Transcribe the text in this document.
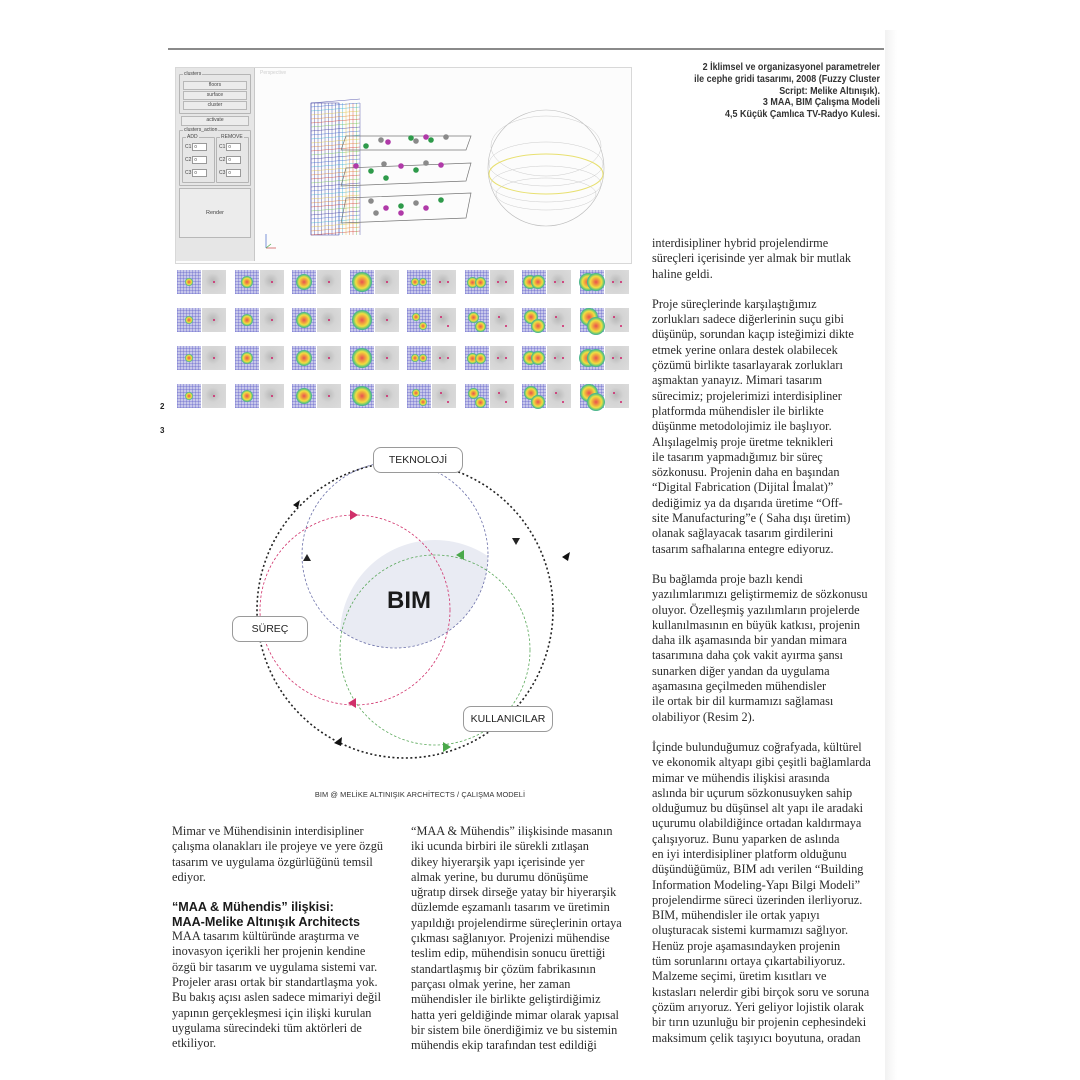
2 İklimsel ve organizasyonel parametreler
ile cephe gridi tasarımı, 2008 (Fuzzy Cluster
Script: Melike Altınışık).
3 MAA, BIM Çalışma Modeli
4,5 Küçük Çamlıca TV-Radyo Kulesi.
clusters
floors
surface
cluster
activate
clusters_action
ADD
C1 0
C2 0
C3 0
REMOVE
C1 0
C2 0
C3 0
Render
Perspective
2
3
TEKNOLOJİ
SÜREÇ
KULLANICILAR
BIM
BIM @ MELİKE ALTINIŞIK ARCHİTECTS / ÇALIŞMA MODELİ

Mimar ve Mühendisinin interdisipliner
çalışma olanakları ile projeye ve yere özgü
tasarım ve uygulama özgürlüğünü temsil
ediyor.

“MAA & Mühendis” ilişkisi:
MAA-Melike Altınışık Architects

MAA tasarım kültüründe araştırma ve
inovasyon içerikli her projenin kendine
özgü bir tasarım ve uygulama sistemi var.
Projeler arası ortak bir standartlaşma yok.
Bu bakış açısı aslen sadece mimariyi değil
yapının gerçekleşmesi için ilişki kurulan
uygulama sürecindeki tüm aktörleri de
etkiliyor.

“MAA & Mühendis” ilişkisinde masanın
iki ucunda birbiri ile sürekli zıtlaşan
dikey hiyerarşik yapı içerisinde yer
almak yerine, bu durumu dönüşüme
uğratıp dirsek dirseğe yatay bir hiyerarşik
düzlemde eşzamanlı tasarım ve üretimin
yapıldığı projelendirme süreçlerinin ortaya
çıkması sağlanıyor. Projenizi mühendise
teslim edip, mühendisin sonucu ürettiği
standartlaşmış bir çözüm fabrikasının
parçası olmak yerine, her zaman
mühendisler ile birlikte geliştirdiğimiz
hatta yeri geldiğinde mimar olarak yapısal
bir sistem bile önerdiğimiz ve bu sistemin
mühendis ekip tarafından test edildiği

interdisipliner hybrid projelendirme
süreçleri içerisinde yer almak bir mutlak
haline geldi.

Proje süreçlerinde karşılaştığımız
zorlukları sadece diğerlerinin suçu gibi
düşünüp, sorundan kaçıp isteğimizi dikte
etmek yerine onlara destek olabilecek
çözümü birlikte tasarlayarak zorlukları
aşmaktan yanayız. Mimari tasarım
sürecimiz; projelerimizi interdisipliner
platformda mühendisler ile birlikte
düşünme metodolojimiz ile başlıyor.
Alışılagelmiş proje üretme teknikleri
ile tasarım yapmadığımız bir süreç
sözkonusu. Projenin daha en başından
“Digital Fabrication (Dijital İmalat)”
dediğimiz ya da dışarıda üretime “Off-
site Manufacturing”e ( Saha dışı üretim)
olanak sağlayacak tasarım girdilerini
tasarım safhalarına entegre ediyoruz.

Bu bağlamda proje bazlı kendi
yazılımlarımızı geliştirmemiz de sözkonusu
oluyor. Özelleşmiş yazılımların projelerde
kullanılmasının en büyük katkısı, projenin
daha ilk aşamasında bir yandan mimara
tasarımına daha çok vakit ayırma şansı
sunarken diğer yandan da uygulama
aşamasına geçilmeden mühendisler
ile ortak bir dil kurmamızı sağlaması
olabiliyor (Resim 2).

İçinde bulunduğumuz coğrafyada, kültürel
ve ekonomik altyapı gibi çeşitli bağlamlarda
mimar ve mühendis ilişkisi arasında
aslında bir uçurum sözkonusuyken sahip
olduğumuz bu düşünsel alt yapı ile aradaki
uçurumu olabildiğince ortadan kaldırmaya
çalışıyoruz. Bunu yaparken de aslında
en iyi interdisipliner platform olduğunu
düşündüğümüz, BIM adı verilen “Building
Information Modeling-Yapı Bilgi Modeli”
projelendirme süreci üzerinden ilerliyoruz.
BIM, mühendisler ile ortak yapıyı
oluşturacak sistemi kurmamızı sağlıyor.
Henüz proje aşamasındayken projenin
tüm sorunlarını ortaya çıkartabiliyoruz.
Malzeme seçimi, üretim kısıtları ve
kıstasları nelerdir gibi birçok soru ve soruna
çözüm arıyoruz. Yeri geliyor lojistik olarak
bir tırın uzunluğu bir projenin cephesindeki
maksimum çelik taşıyıcı boyutuna, oradan
